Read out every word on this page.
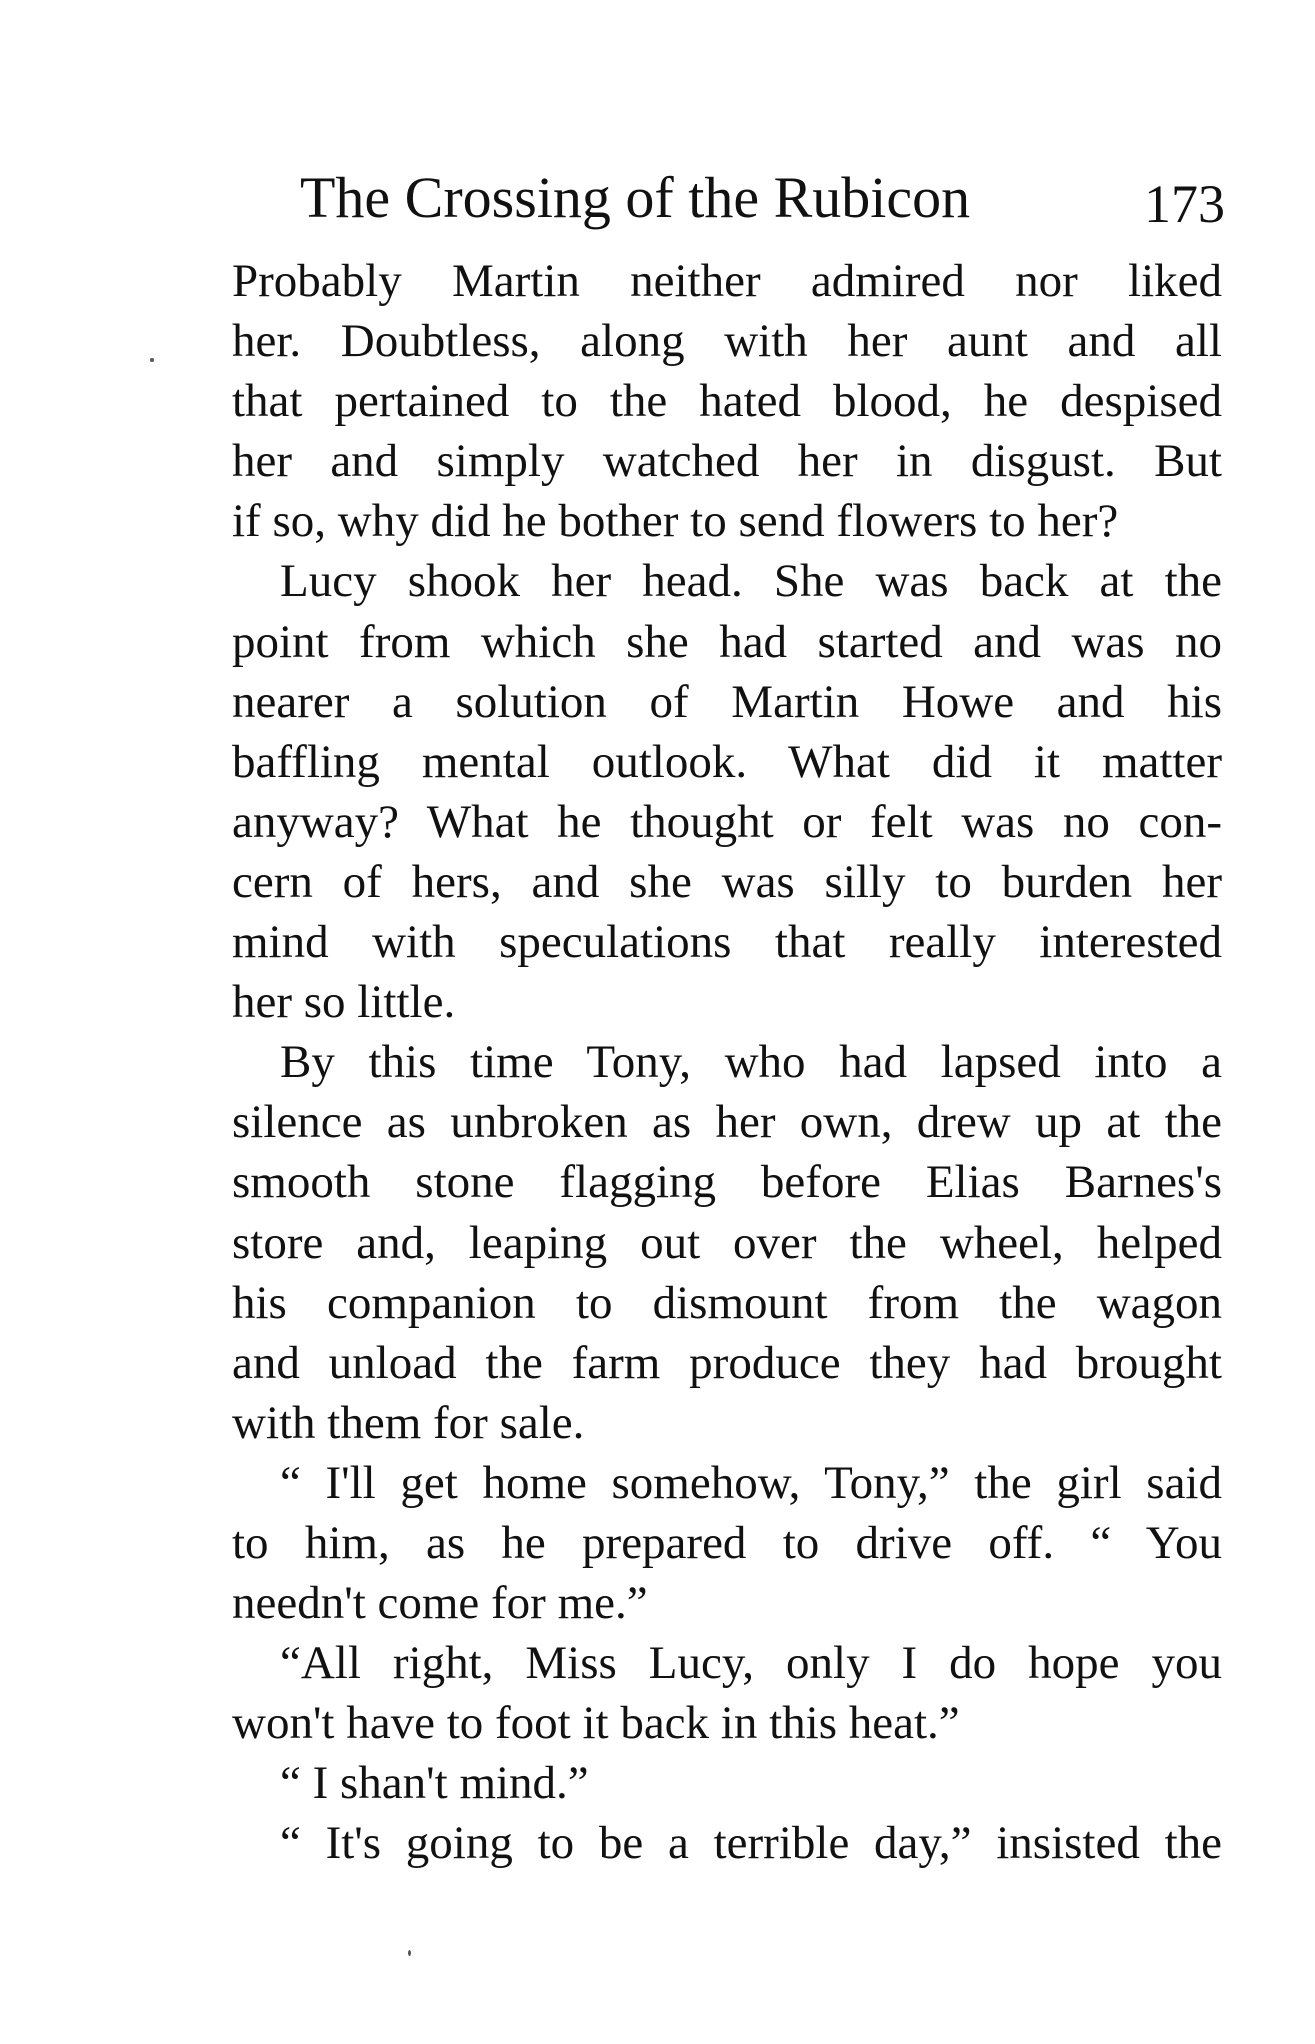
The Crossing of the Rubicon	173
Probably Martin neither admired nor liked
her. Doubtless, along with her aunt and all
that pertained to the hated blood, he despised
her and simply watched her in disgust. But
if so, why did he bother to send flowers to her?
Lucy shook her head. She was back at the
point from which she had started and was no
nearer a solution of Martin Howe and his
baffling mental outlook. What did it matter
anyway? What he thought or felt was no con-
cern of hers, and she was silly to burden her
mind with speculations that really interested
her so little.
By this time Tony, who had lapsed into a
silence as unbroken as her own, drew up at the
smooth stone flagging before Elias Barnes's
store and, leaping out over the wheel, helped
his companion to dismount from the wagon
and unload the farm produce they had brought
with them for sale.
“ I'll get home somehow, Tony,” the girl said
to him, as he prepared to drive off. “ You
needn't come for me.”
“All right, Miss Lucy, only I do hope you
won't have to foot it back in this heat.”
“ I shan't mind.”
“ It's going to be a terrible day,” insisted the
